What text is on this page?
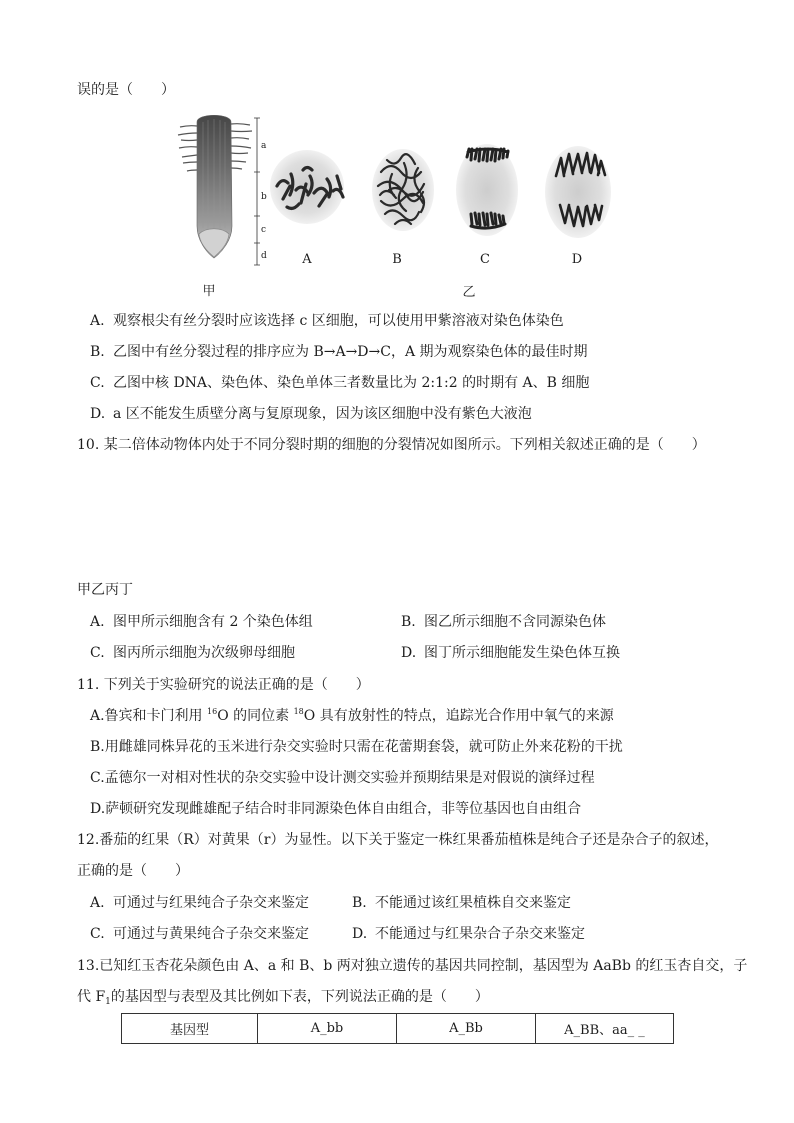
误的是（　　）
a
b
c
d	A	B	C	D
甲	乙
A. 观察根尖有丝分裂时应该选择 c 区细胞，可以使用甲紫溶液对染色体染色
B. 乙图中有丝分裂过程的排序应为 B→A→D→C，A 期为观察染色体的最佳时期
C. 乙图中核 DNA、染色体、染色单体三者数量比为 2:1:2 的时期有 A、B 细胞
D. a 区不能发生质壁分离与复原现象，因为该区细胞中没有紫色大液泡
10. 某二倍体动物体内处于不同分裂时期的细胞的分裂情况如图所示。下列相关叙述正确的是（　　）
甲乙丙丁
A. 图甲所示细胞含有 2 个染色体组	B. 图乙所示细胞不含同源染色体
C. 图丙所示细胞为次级卵母细胞	D. 图丁所示细胞能发生染色体互换
11. 下列关于实验研究的说法正确的是（　　）
A.鲁宾和卡门利用 $^{16}$O 的同位素 $^{18}$O 具有放射性的特点，追踪光合作用中氧气的来源
B.用雌雄同株异花的玉米进行杂交实验时只需在花蕾期套袋，就可防止外来花粉的干扰
C.孟德尔一对相对性状的杂交实验中设计测交实验并预期结果是对假说的演绎过程
D.萨顿研究发现雌雄配子结合时非同源染色体自由组合，非等位基因也自由组合
12.番茄的红果（R）对黄果（r）为显性。以下关于鉴定一株红果番茄植株是纯合子还是杂合子的叙述，
正确的是（　　）
A. 可通过与红果纯合子杂交来鉴定	B. 不能通过该红果植株自交来鉴定
C. 可通过与黄果纯合子杂交来鉴定	D. 不能通过与红果杂合子杂交来鉴定
13.已知红玉杏花朵颜色由 A、a 和 B、b 两对独立遗传的基因共同控制，基因型为 AaBb 的红玉杏自交，子
代 $F_1$的基因型与表型及其比例如下表，下列说法正确的是（　　）
基因型	A_bb	A_Bb	A_BB、aa_ _
